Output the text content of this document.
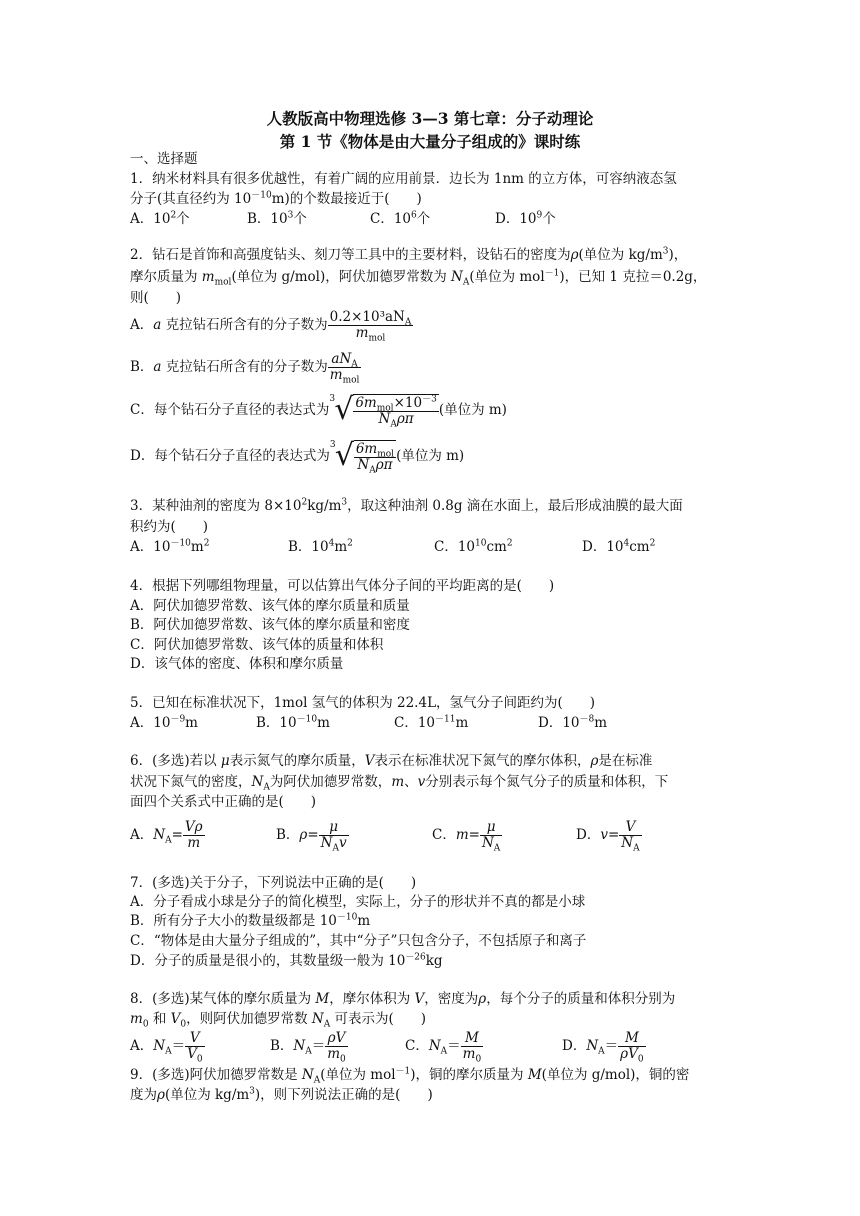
人教版高中物理选修 3—3 第七章：分子动理论
第 1 节《物体是由大量分子组成的》课时练
一、选择题
1．纳米材料具有很多优越性，有着广阔的应用前景．边长为 1nm 的立方体，可容纳液态氢
分子(其直径约为 $10^{-10}m$)的个数最接近于(　　)
A．$10^2$个	B．$10^3$个	C．$10^6$个	D．$10^9$个
2．钻石是首饰和高强度钻头、刻刀等工具中的主要材料，设钻石的密度为ρ(单位为 $kg/m^3$)，
摩尔质量为 $m_{mol}$(单位为 g/mol)，阿伏加德罗常数为 $N_A$(单位为 mol$^{-1}$)，已知 1 克拉＝0.2g，
则(　　)
A．a 克拉钻石所含有的分子数为 $\frac{0.2\times 10^3aN_A}{m_{mol}}$
B．a 克拉钻石所含有的分子数为 $\frac{aN_A}{m_{mol}}$
C．每个钻石分子直径的表达式为
3 √ $\frac{6m_{mol}\times 10^{-3}}{N_A\rho\pi}$ (单位为 m)
D．每个钻石分子直径的表达式为
3 √ $\frac{6m_{mol}}{N_A\rho\pi}$ (单位为 m)
3．某种油剂的密度为 $8\times 10^2kg/m^3$，取这种油剂 0.8g 滴在水面上，最后形成油膜的最大面
积约为(　　)
A．$10^{-10}m^2$	B．$10^4m^2$	C．$10^{10}cm^2$	D．$10^4cm^2$
4．根据下列哪组物理量，可以估算出气体分子间的平均距离的是(　　)
A．阿伏加德罗常数、该气体的摩尔质量和质量
B．阿伏加德罗常数、该气体的摩尔质量和密度
C．阿伏加德罗常数、该气体的质量和体积
D．该气体的密度、体积和摩尔质量
5．已知在标准状况下，1mol 氢气的体积为 22.4L，氢气分子间距约为(　　)
A．$10^{-9}m$	B．$10^{-10}m$	C．$10^{-11}m$	D．$10^{-8}m$
6．(多选)若以 μ表示氮气的摩尔质量，V表示在标准状况下氮气的摩尔体积，ρ是在标准
状况下氮气的密度，$N_A$为阿伏加德罗常数，m、v分别表示每个氮气分子的质量和体积，下
面四个关系式中正确的是(　　)
A．$N_A= \frac{V\rho}{m}$	B．$\rho= \frac{\mu}{N_Av}$	C．$m= \frac{\mu}{N_A}$	D．$v= \frac{V}{N_A}$
7．(多选)关于分子，下列说法中正确的是(　　)
A．分子看成小球是分子的简化模型，实际上，分子的形状并不真的都是小球
B．所有分子大小的数量级都是 $10^{-10}m$
C．“物体是由大量分子组成的”，其中“分子”只包含分子，不包括原子和离子
D．分子的质量是很小的，其数量级一般为 $10^{-26}kg$
8．(多选)某气体的摩尔质量为 M，摩尔体积为 V，密度为ρ，每个分子的质量和体积分别为
$m_0$ 和 $V_0$，则阿伏加德罗常数 $N_A$ 可表示为(　　)
A．$N_A= \frac{V}{V_0}$	B．$N_A= \frac{\rho V}{m_0}$	C．$N_A= \frac{M}{m_0}$	D．$N_A= \frac{M}{\rho V_0}$
9．(多选)阿伏加德罗常数是 $N_A$(单位为 mol$^{-1}$)，铜的摩尔质量为 M(单位为 g/mol)，铜的密
度为ρ(单位为 $kg/m^3$)，则下列说法正确的是(　　)
